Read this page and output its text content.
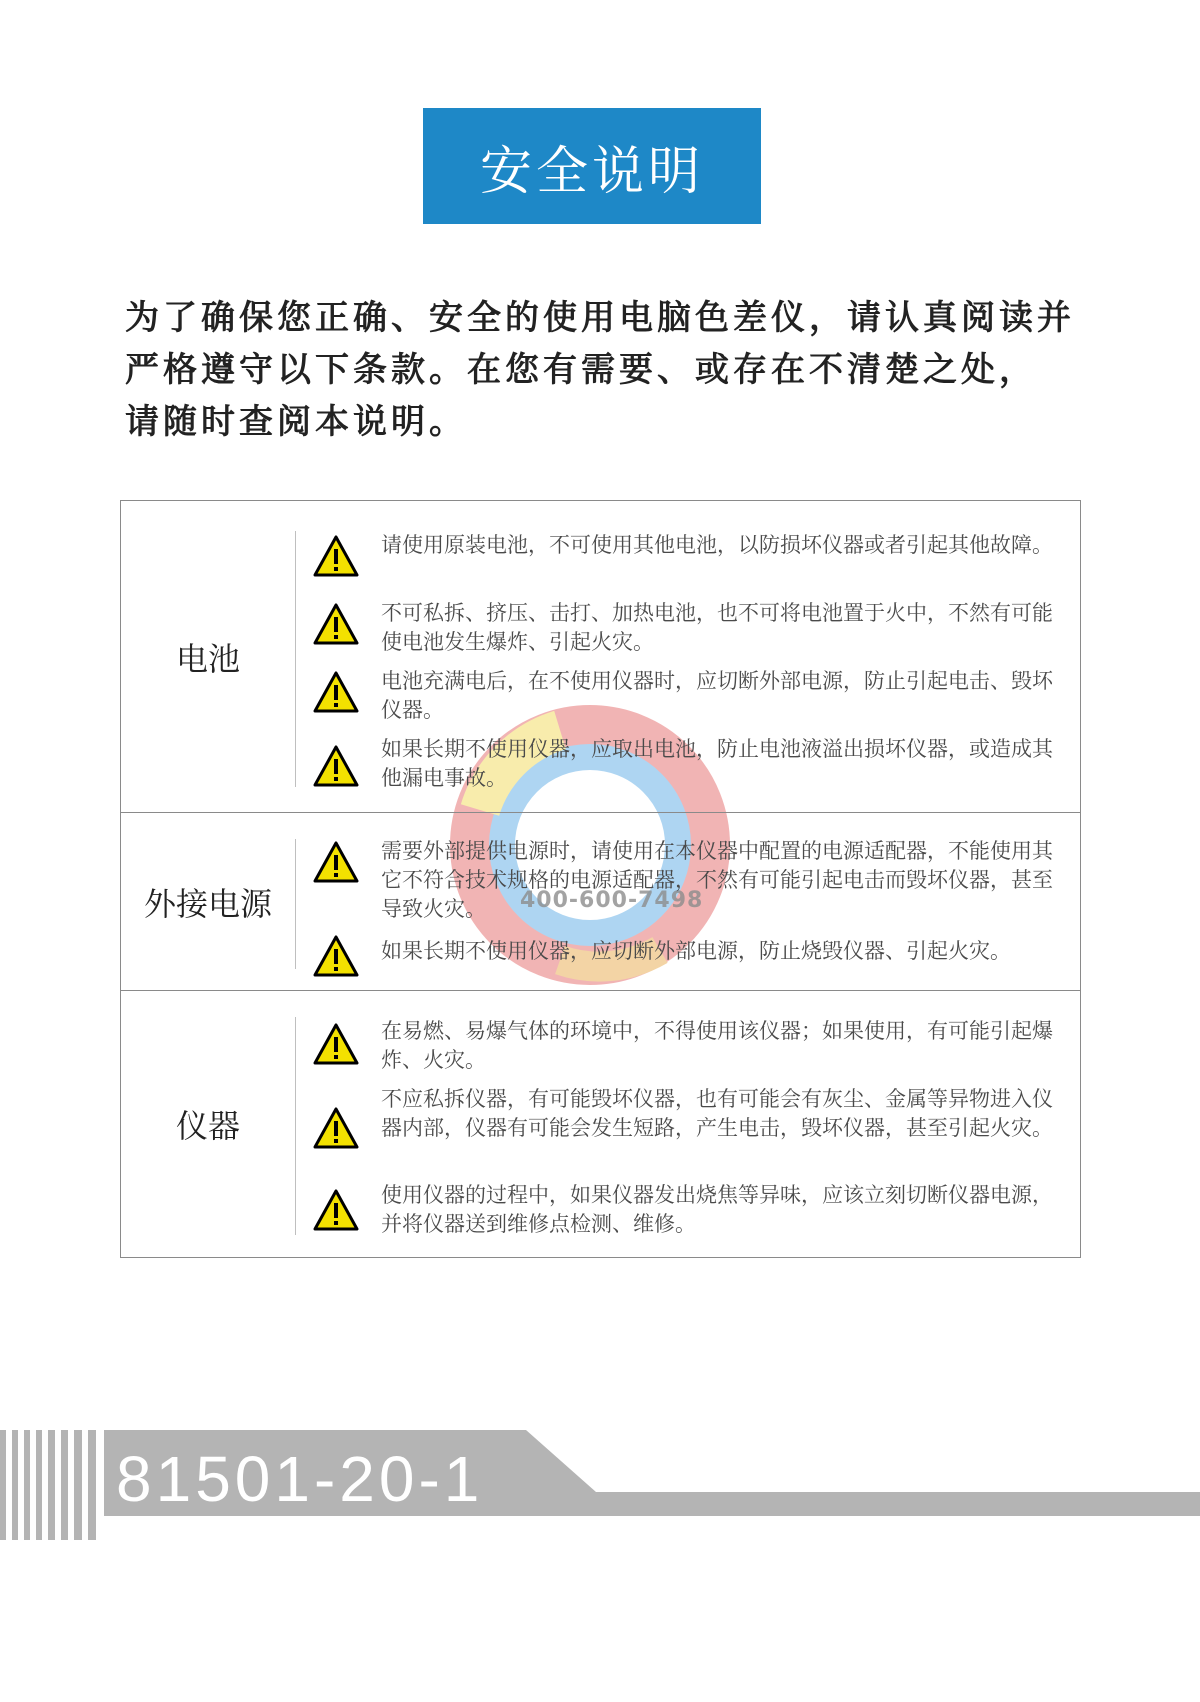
安全说明
为了确保您正确、安全的使用电脑色差仪，请认真阅读并
严格遵守以下条款。在您有需要、或存在不清楚之处，
请随时查阅本说明。
400-600-7498
电池
请使用原装电池，不可使用其他电池，以防损坏仪器或者引起其他故障。
不可私拆、挤压、击打、加热电池，也不可将电池置于火中，不然有可能使电池发生爆炸、引起火灾。
电池充满电后，在不使用仪器时，应切断外部电源，防止引起电击、毁坏仪器。
如果长期不使用仪器，应取出电池，防止电池液溢出损坏仪器，或造成其他漏电事故。
外接电源
需要外部提供电源时，请使用在本仪器中配置的电源适配器，不能使用其它不符合技术规格的电源适配器，不然有可能引起电击而毁坏仪器，甚至导致火灾。
如果长期不使用仪器，应切断外部电源，防止烧毁仪器、引起火灾。
仪器
在易燃、易爆气体的环境中，不得使用该仪器；如果使用，有可能引起爆炸、火灾。
不应私拆仪器，有可能毁坏仪器，也有可能会有灰尘、金属等异物进入仪器内部，仪器有可能会发生短路，产生电击，毁坏仪器，甚至引起火灾。
使用仪器的过程中，如果仪器发出烧焦等异味，应该立刻切断仪器电源，并将仪器送到维修点检测、维修。
81501-20-1
